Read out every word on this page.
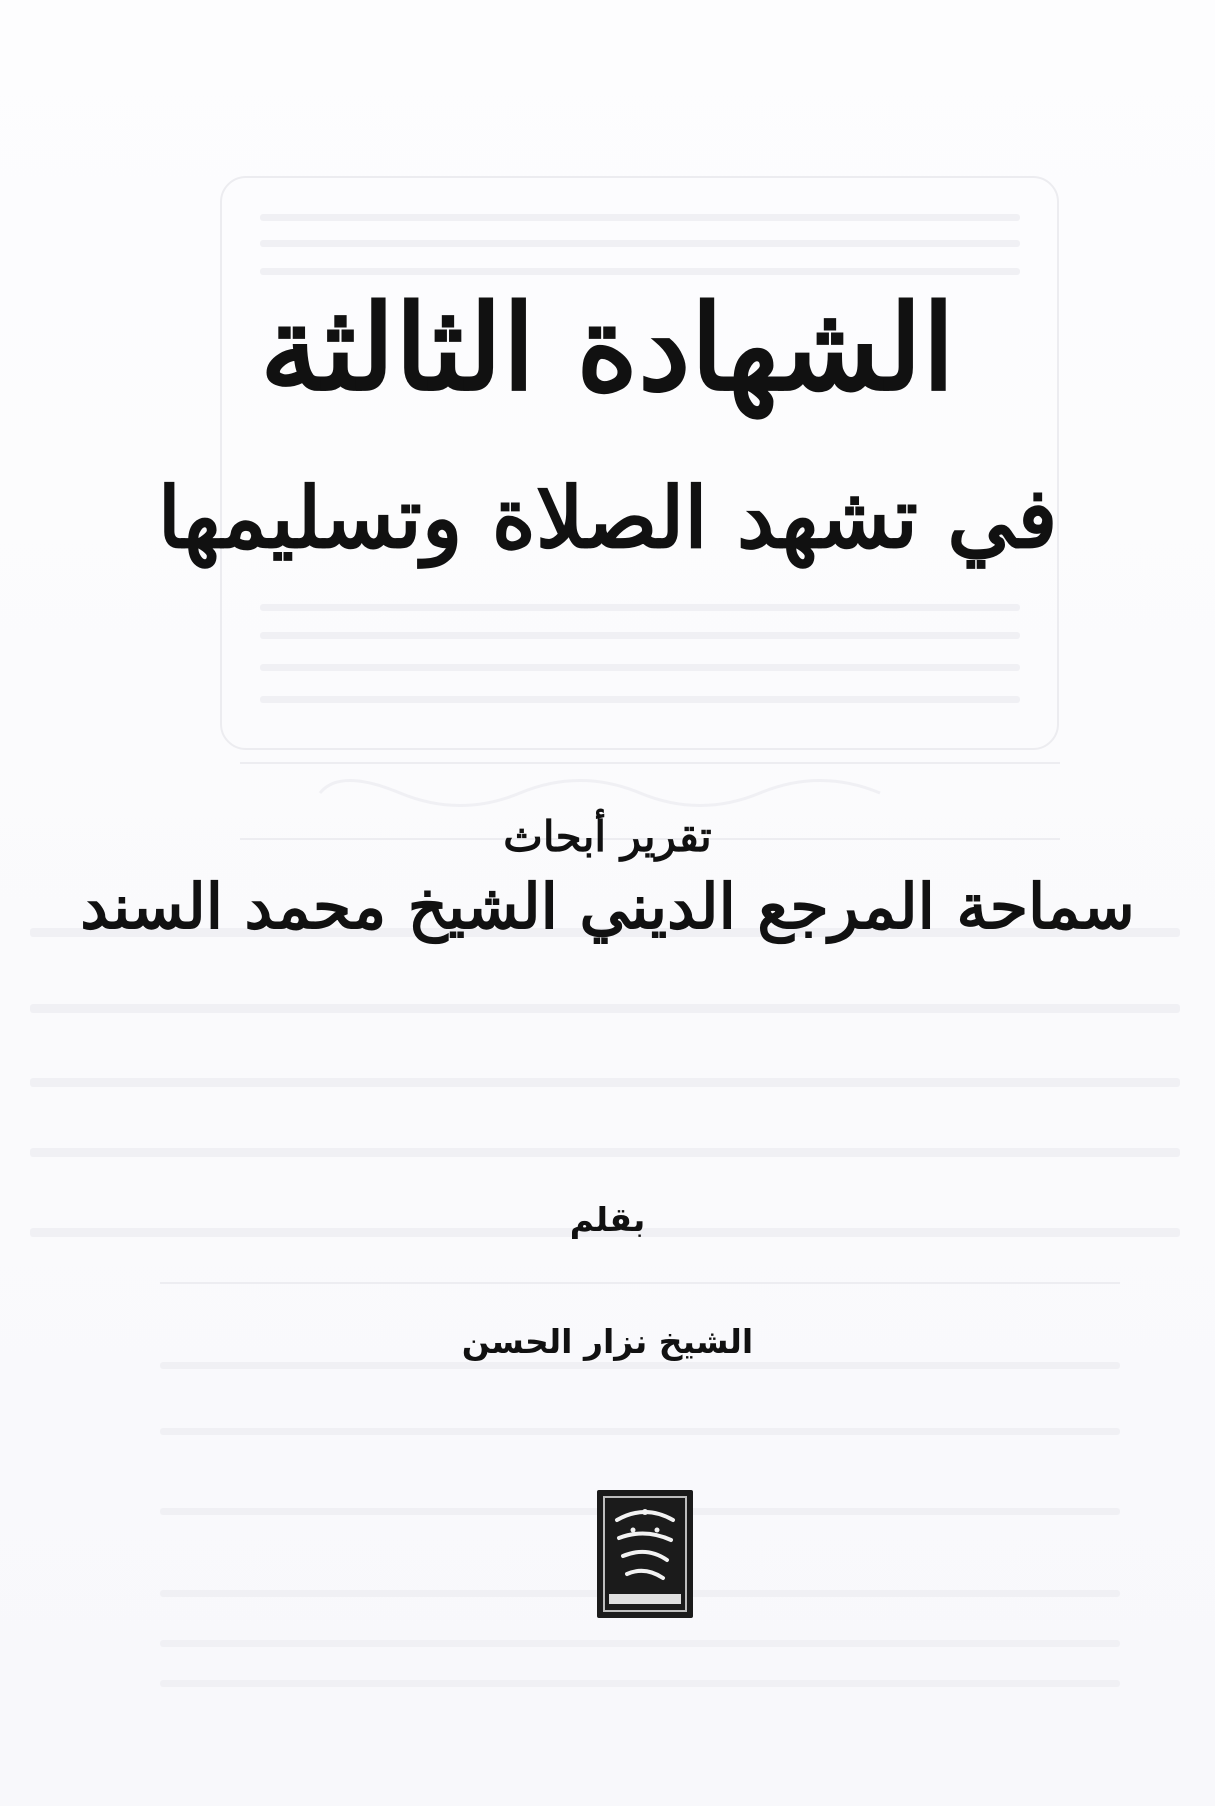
الشهادة الثالثة
في تشهد الصلاة وتسليمها
تقرير أبحاث
سماحة المرجع الديني الشيخ محمد السند
بقلم
الشيخ نزار الحسن
